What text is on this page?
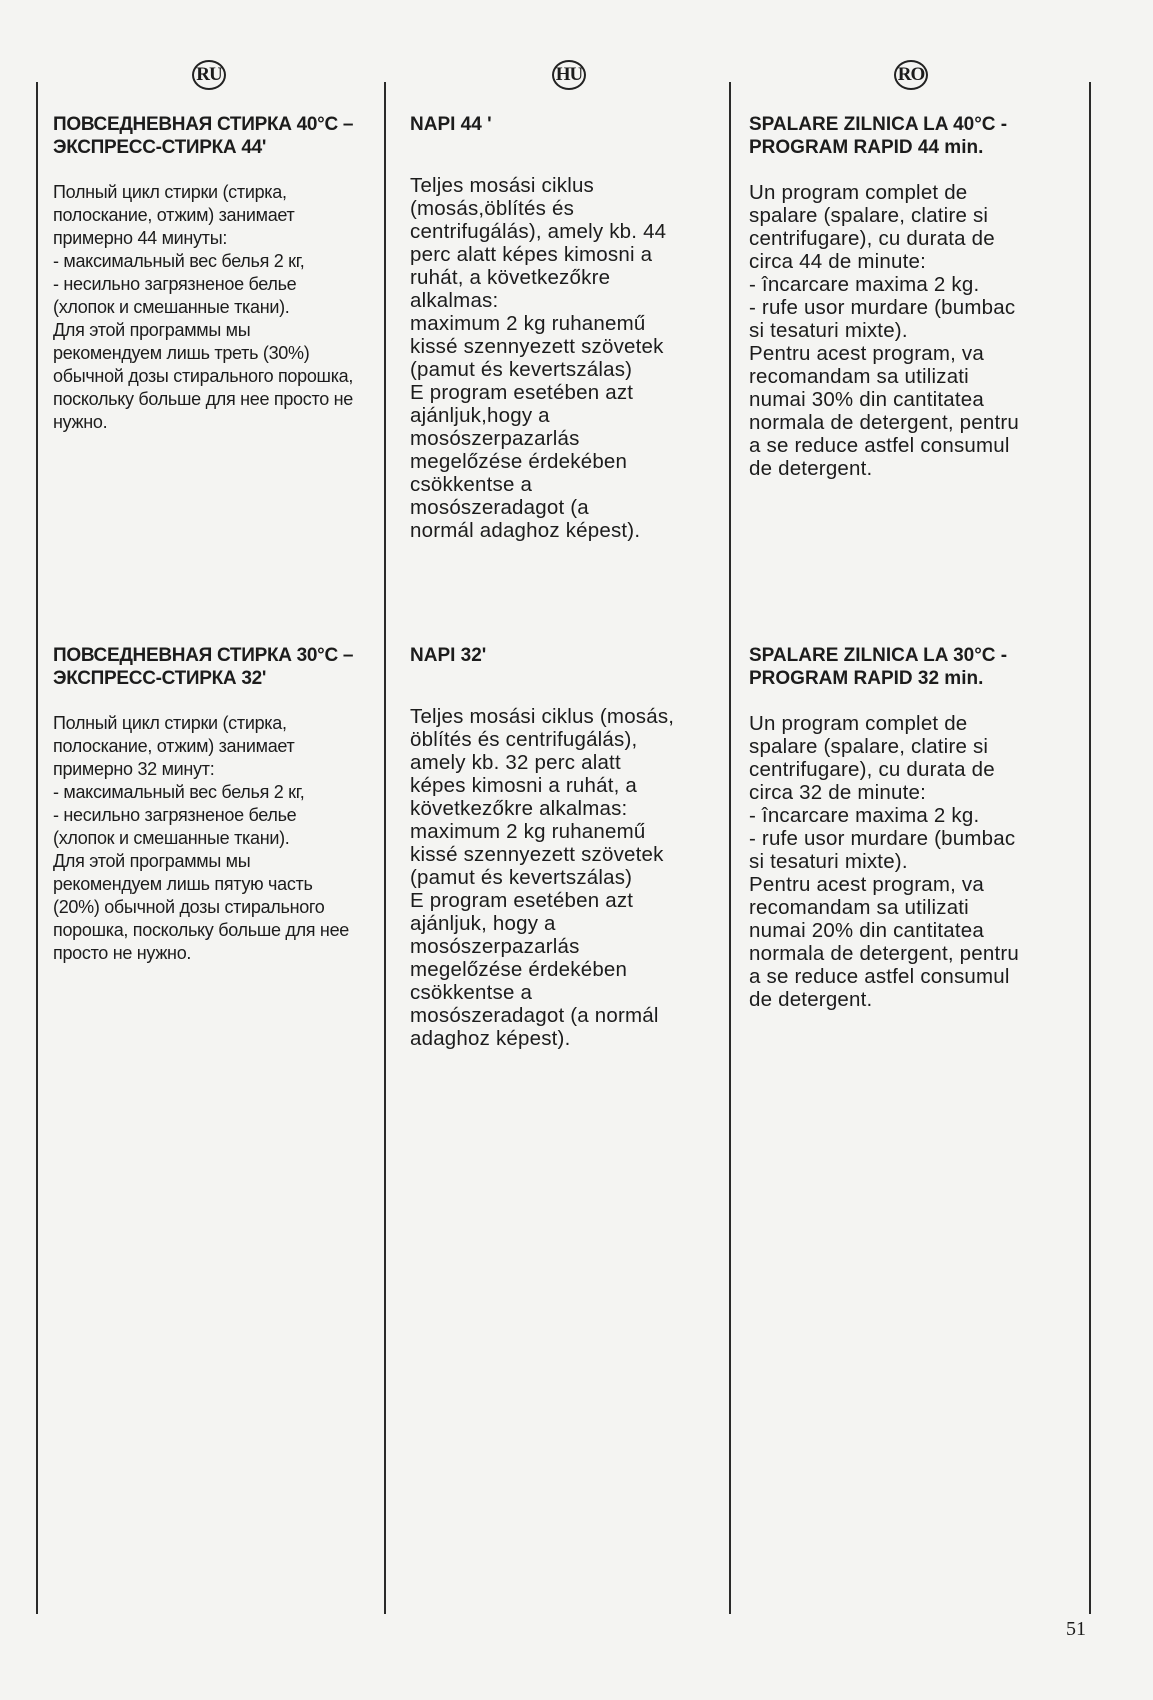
RU	HU	RO
ПОВСЕДНЕВНАЯ СТИРКА 40°C –
ЭКСПРЕСС-СТИРКА 44'

Полный цикл стирки (стирка,
полоскание, отжим) занимает
примерно 44 минуты:
- максимальный вес белья 2 кг,
- несильно загрязненое белье
(хлопок и смешанные ткани).
Для этой программы мы
рекомендуем лишь треть (30%)
обычной дозы стирального порошка,
поскольку больше для нее просто не
нужно.

NAPI 44 '

Teljes mosási ciklus
(mosás,öblítés és
centrifugálás), amely kb. 44
perc alatt képes kimosni a
ruhát, a következőkre
alkalmas:
maximum 2 kg ruhanemű
kissé szennyezett szövetek
(pamut és kevertszálas)
E program esetében azt
ajánljuk,hogy a
mosószerpazarlás
megelőzése érdekében
csökkentse a
mosószeradagot (a
normál adaghoz képest).

SPALARE ZILNICA LA 40°C -
PROGRAM RAPID 44 min.

Un program complet de
spalare (spalare, clatire si
centrifugare), cu durata de
circa 44 de minute:
- încarcare maxima 2 kg.
- rufe usor murdare (bumbac
si tesaturi mixte).
Pentru acest program, va
recomandam sa utilizati
numai 30% din cantitatea
normala de detergent, pentru
a se reduce astfel consumul
de detergent.

ПОВСЕДНЕВНАЯ СТИРКА 30°C –
ЭКСПРЕСС-СТИРКА 32'

Полный цикл стирки (стирка,
полоскание, отжим) занимает
примерно 32 минут:
- максимальный вес белья 2 кг,
- несильно загрязненое белье
(хлопок и смешанные ткани).
Для этой программы мы
рекомендуем лишь пятую часть
(20%) обычной дозы стирального
порошка, поскольку больше для нее
просто не нужно.

NAPI 32'

Teljes mosási ciklus (mosás,
öblítés és centrifugálás),
amely kb. 32 perc alatt
képes kimosni a ruhát, a
következőkre alkalmas:
maximum 2 kg ruhanemű
kissé szennyezett szövetek
(pamut és kevertszálas)
E program esetében azt
ajánljuk, hogy a
mosószerpazarlás
megelőzése érdekében
csökkentse a
mosószeradagot (a normál
adaghoz képest).

SPALARE ZILNICA LA 30°C -
PROGRAM RAPID 32 min.

Un program complet de
spalare (spalare, clatire si
centrifugare), cu durata de
circa 32 de minute:
- încarcare maxima 2 kg.
- rufe usor murdare (bumbac
si tesaturi mixte).
Pentru acest program, va
recomandam sa utilizati
numai 20% din cantitatea
normala de detergent, pentru
a se reduce astfel consumul
de detergent.

51
